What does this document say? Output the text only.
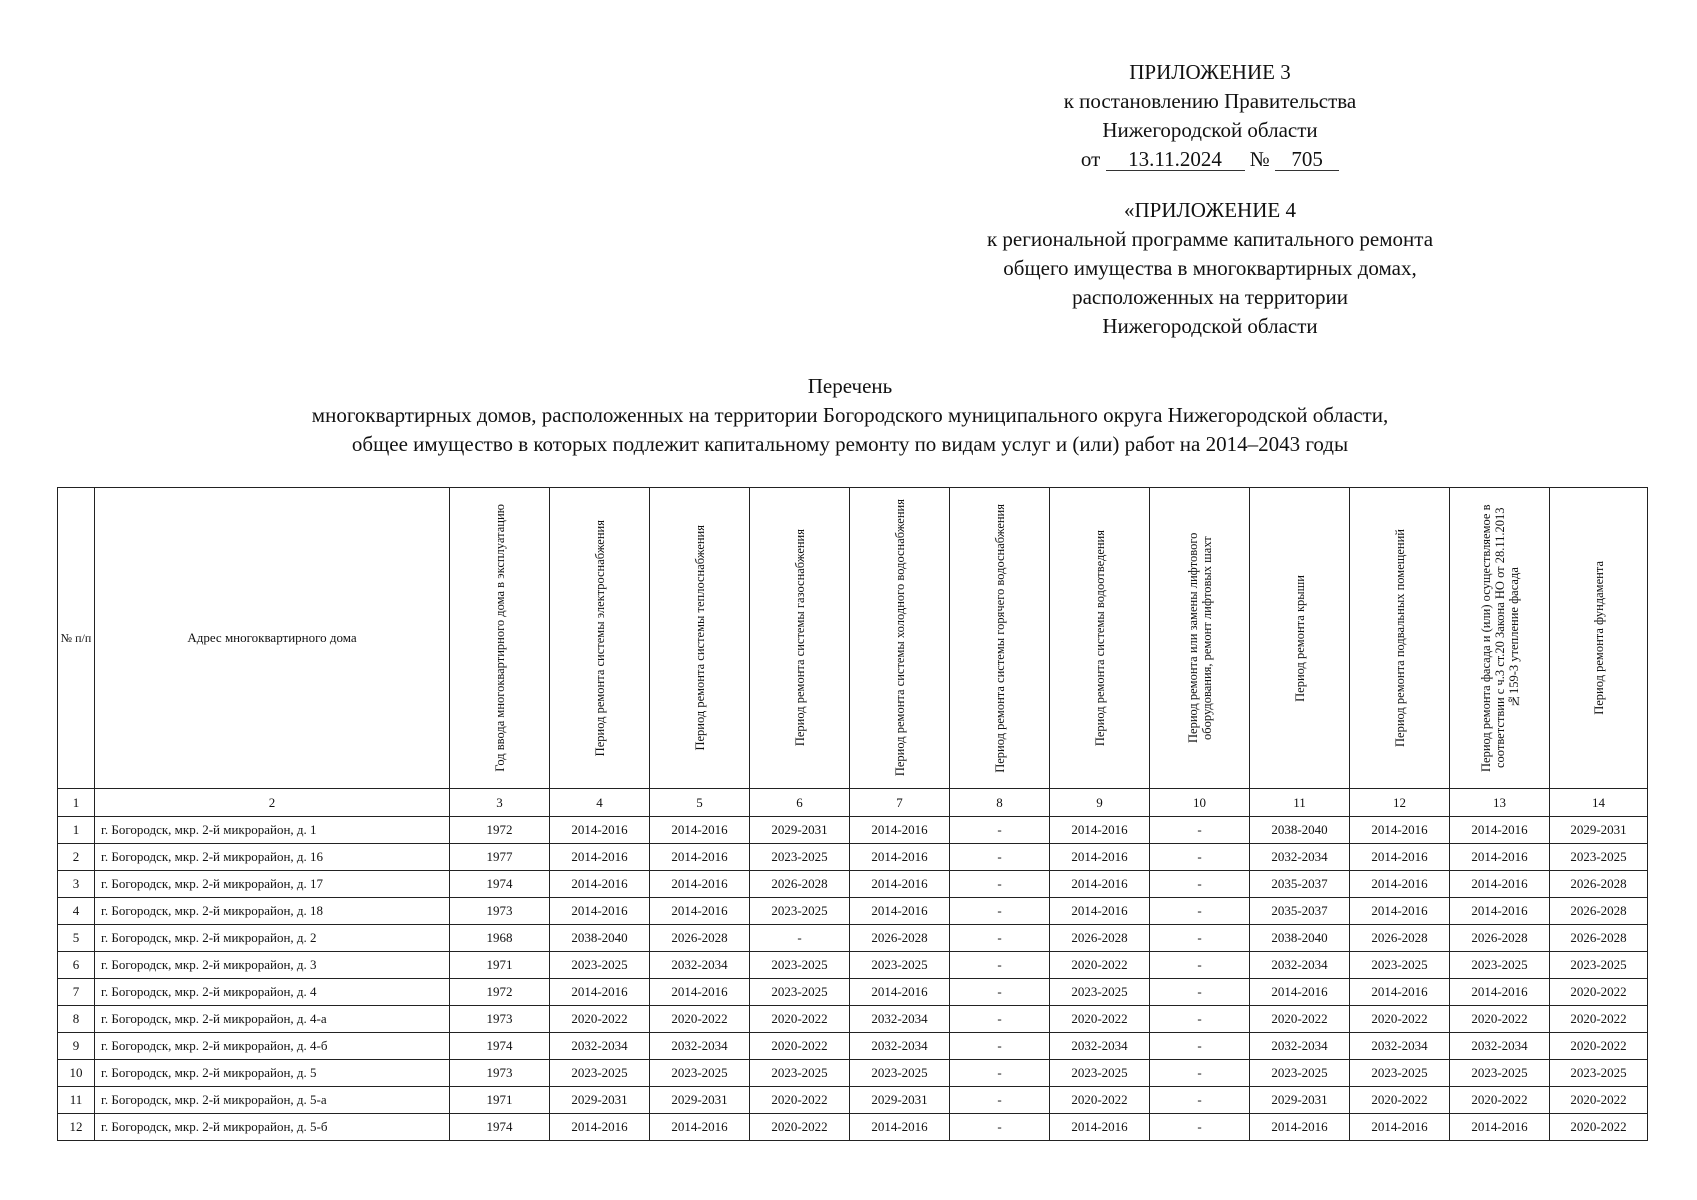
ПРИЛОЖЕНИЕ 3
к постановлению Правительства
Нижегородской области
от 13.11.2024 № 705
«ПРИЛОЖЕНИЕ 4
к региональной программе капитального ремонта
общего имущества в многоквартирных домах,
расположенных на территории
Нижегородской области
Перечень
многоквартирных домов, расположенных на территории Богородского муниципального округа Нижегородской области,
общее имущество в которых подлежит капитальному ремонту по видам услуг и (или) работ на 2014–2043 годы
№ п/п	Адрес многоквартирного дома	Год ввода многоквартирного дома в эксплуатацию	Период ремонта системы электроснабжения	Период ремонта системы теплоснабжения	Период ремонта системы газоснабжения	Период ремонта системы холодного водоснабжения	Период ремонта системы горячего водоснабжения	Период ремонта системы водоотведения	Период ремонта или замены лифтового оборудования, ремонт лифтовых шахт	Период ремонта крыши	Период ремонта подвальных помещений	Период ремонта фасада и (или) осуществляемое в соответствии с ч.3 ст.20 Закона НО от 28.11.2013 №159-З утепление фасада	Период ремонта фундамента

1	2	3	4	5	6	7	8	9	10	11	12	13	14
1	г. Богородск, мкр. 2-й микрорайон, д. 1	1972	2014-2016	2014-2016	2029-2031	2014-2016	-	2014-2016	-	2038-2040	2014-2016	2014-2016	2029-2031
2	г. Богородск, мкр. 2-й микрорайон, д. 16	1977	2014-2016	2014-2016	2023-2025	2014-2016	-	2014-2016	-	2032-2034	2014-2016	2014-2016	2023-2025
3	г. Богородск, мкр. 2-й микрорайон, д. 17	1974	2014-2016	2014-2016	2026-2028	2014-2016	-	2014-2016	-	2035-2037	2014-2016	2014-2016	2026-2028
4	г. Богородск, мкр. 2-й микрорайон, д. 18	1973	2014-2016	2014-2016	2023-2025	2014-2016	-	2014-2016	-	2035-2037	2014-2016	2014-2016	2026-2028
5	г. Богородск, мкр. 2-й микрорайон, д. 2	1968	2038-2040	2026-2028	-	2026-2028	-	2026-2028	-	2038-2040	2026-2028	2026-2028	2026-2028
6	г. Богородск, мкр. 2-й микрорайон, д. 3	1971	2023-2025	2032-2034	2023-2025	2023-2025	-	2020-2022	-	2032-2034	2023-2025	2023-2025	2023-2025
7	г. Богородск, мкр. 2-й микрорайон, д. 4	1972	2014-2016	2014-2016	2023-2025	2014-2016	-	2023-2025	-	2014-2016	2014-2016	2014-2016	2020-2022
8	г. Богородск, мкр. 2-й микрорайон, д. 4-а	1973	2020-2022	2020-2022	2020-2022	2032-2034	-	2020-2022	-	2020-2022	2020-2022	2020-2022	2020-2022
9	г. Богородск, мкр. 2-й микрорайон, д. 4-б	1974	2032-2034	2032-2034	2020-2022	2032-2034	-	2032-2034	-	2032-2034	2032-2034	2032-2034	2020-2022
10	г. Богородск, мкр. 2-й микрорайон, д. 5	1973	2023-2025	2023-2025	2023-2025	2023-2025	-	2023-2025	-	2023-2025	2023-2025	2023-2025	2023-2025
11	г. Богородск, мкр. 2-й микрорайон, д. 5-а	1971	2029-2031	2029-2031	2020-2022	2029-2031	-	2020-2022	-	2029-2031	2020-2022	2020-2022	2020-2022
12	г. Богородск, мкр. 2-й микрорайон, д. 5-б	1974	2014-2016	2014-2016	2020-2022	2014-2016	-	2014-2016	-	2014-2016	2014-2016	2014-2016	2020-2022
